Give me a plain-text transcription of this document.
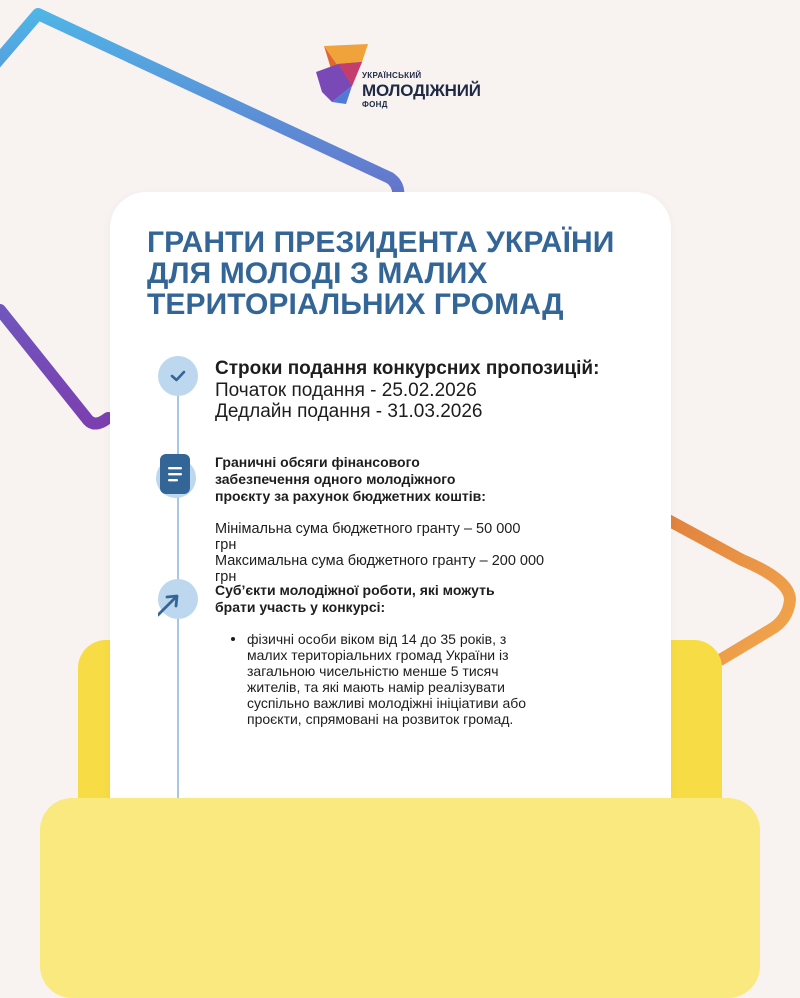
УКРАЇНСЬКИЙ
МОЛОДІЖНИЙ
ФОНД
ГРАНТИ ПРЕЗИДЕНТА УКРАЇНИ
ДЛЯ МОЛОДІ З МАЛИХ
ТЕРИТОРІАЛЬНИХ ГРОМАД
Строки подання конкурсних пропозицій:
Початок подання - 25.02.2026
Дедлайн подання - 31.03.2026
Граничні обсяги фінансового
забезпечення одного молодіжного
проєкту за рахунок бюджетних коштів:
Мінімальна сума бюджетного гранту – 50 000 грн
Максимальна сума бюджетного гранту – 200 000 грн
Суб’єкти молодіжної роботи, які можуть
брати участь у конкурсі:
фізичні особи віком від 14 до 35 років, з
малих територіальних громад України із
загальною чисельністю менше 5 тисяч
жителів, та які мають намір реалізувати
суспільно важливі молодіжні ініціативи або
проєкти, спрямовані на розвиток громад.
